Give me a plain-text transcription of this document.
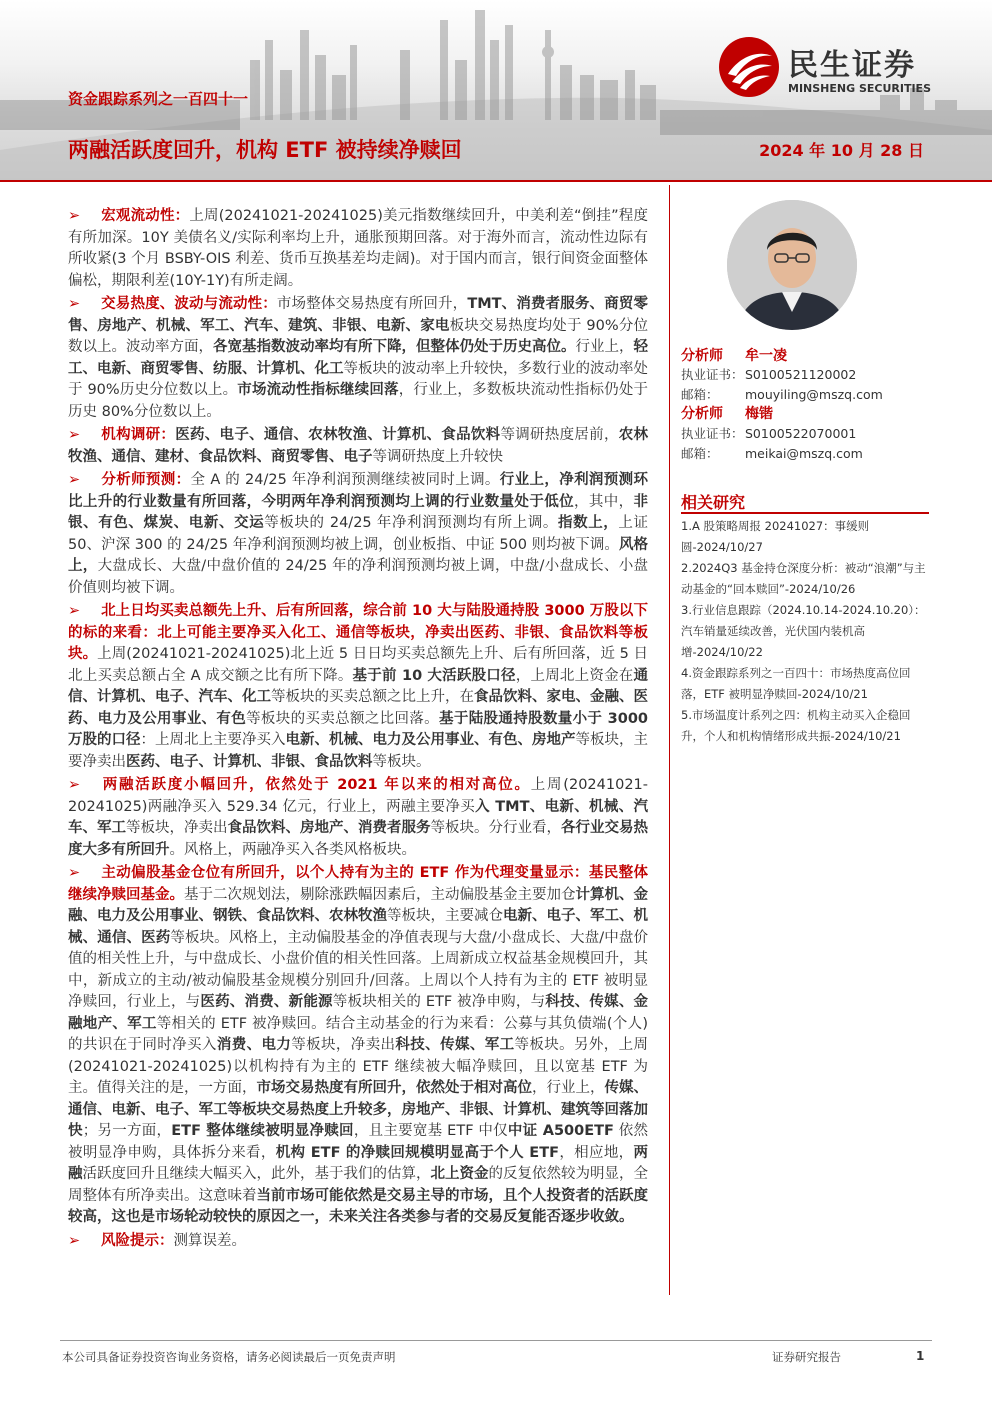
资金跟踪系列之一百四十一
两融活跃度回升，机构 ETF 被持续净赎回	2024 年 10 月 28 日
民生证券
MINSHENG SECURITIES
➢ 宏观流动性：上周(20241021-20241025)美元指数继续回升，中美利差“倒挂”程度有所加深。10Y 美债名义/实际利率均上升，通胀预期回落。对于海外而言，流动性边际有所收紧(3 个月 BSBY-OIS 利差、货币互换基差均走阔)。对于国内而言，银行间资金面整体偏松，期限利差(10Y-1Y)有所走阔。
➢ 交易热度、波动与流动性：市场整体交易热度有所回升，TMT、消费者服务、商贸零售、房地产、机械、军工、汽车、建筑、非银、电新、家电板块交易热度均处于 90%分位数以上。波动率方面，各宽基指数波动率均有所下降，但整体仍处于历史高位。行业上，轻工、电新、商贸零售、纺服、计算机、化工等板块的波动率上升较快，多数行业的波动率处于 90%历史分位数以上。市场流动性指标继续回落，行业上，多数板块流动性指标仍处于历史 80%分位数以上。
➢ 机构调研：医药、电子、通信、农林牧渔、计算机、食品饮料等调研热度居前，农林牧渔、通信、建材、食品饮料、商贸零售、电子等调研热度上升较快
➢ 分析师预测：全 A 的 24/25 年净利润预测继续被同时上调。行业上，净利润预测环比上升的行业数量有所回落，今明两年净利润预测均上调的行业数量处于低位，其中，非银、有色、煤炭、电新、交运等板块的 24/25 年净利润预测均有所上调。指数上，上证 50、沪深 300 的 24/25 年净利润预测均被上调，创业板指、中证 500 则均被下调。风格上，大盘成长、大盘/中盘价值的 24/25 年的净利润预测均被上调，中盘/小盘成长、小盘价值则均被下调。
➢ 北上日均买卖总额先上升、后有所回落，综合前 10 大与陆股通持股 3000 万股以下的标的来看：北上可能主要净买入化工、通信等板块，净卖出医药、非银、食品饮料等板块。上周(20241021-20241025)北上近 5 日日均买卖总额先上升、后有所回落，近 5 日北上买卖总额占全 A 成交额之比有所下降。基于前 10 大活跃股口径，上周北上资金在通信、计算机、电子、汽车、化工等板块的买卖总额之比上升，在食品饮料、家电、金融、医药、电力及公用事业、有色等板块的买卖总额之比回落。基于陆股通持股数量小于 3000 万股的口径：上周北上主要净买入电新、机械、电力及公用事业、有色、房地产等板块，主要净卖出医药、电子、计算机、非银、食品饮料等板块。
➢ 两融活跃度小幅回升，依然处于 2021 年以来的相对高位。上周(20241021-20241025)两融净买入 529.34 亿元，行业上，两融主要净买入 TMT、电新、机械、汽车、军工等板块，净卖出食品饮料、房地产、消费者服务等板块。分行业看，各行业交易热度大多有所回升。风格上，两融净买入各类风格板块。
➢ 主动偏股基金仓位有所回升，以个人持有为主的 ETF 作为代理变量显示：基民整体继续净赎回基金。基于二次规划法，剔除涨跌幅因素后，主动偏股基金主要加仓计算机、金融、电力及公用事业、钢铁、食品饮料、农林牧渔等板块，主要减仓电新、电子、军工、机械、通信、医药等板块。风格上，主动偏股基金的净值表现与大盘/小盘成长、大盘/中盘价值的相关性上升，与中盘成长、小盘价值的相关性回落。上周新成立权益基金规模回升，其中，新成立的主动/被动偏股基金规模分别回升/回落。上周以个人持有为主的 ETF 被明显净赎回，行业上，与医药、消费、新能源等板块相关的 ETF 被净申购，与科技、传媒、金融地产、军工等相关的 ETF 被净赎回。结合主动基金的行为来看：公募与其负债端(个人)的共识在于同时净买入消费、电力等板块，净卖出科技、传媒、军工等板块。另外，上周(20241021-20241025)以机构持有为主的 ETF 继续被大幅净赎回，且以宽基 ETF 为主。值得关注的是，一方面，市场交易热度有所回升，依然处于相对高位，行业上，传媒、通信、电新、电子、军工等板块交易热度上升较多，房地产、非银、计算机、建筑等回落加快；另一方面，ETF 整体继续被明显净赎回，且主要宽基 ETF 中仅中证 A500ETF 依然被明显净申购，具体拆分来看，机构 ETF 的净赎回规模明显高于个人 ETF，相应地，两融活跃度回升且继续大幅买入，此外，基于我们的估算，北上资金的反复依然较为明显，全周整体有所净卖出。这意味着当前市场可能依然是交易主导的市场，且个人投资者的活跃度较高，这也是市场轮动较快的原因之一，未来关注各类参与者的交易反复能否逐步收敛。
➢ 风险提示：测算误差。
分析师 牟一凌
执业证书：S0100521120002
邮箱： mouyiling@mszq.com
分析师 梅锴
执业证书：S0100522070001
邮箱： meikai@mszq.com
相关研究
1.A 股策略周报 20241027：事缓则圆-2024/10/27
2.2024Q3 基金持仓深度分析：被动“浪潮”与主动基金的“回本赎回”-2024/10/26
3.行业信息跟踪（2024.10.14-2024.10.20）：汽车销量延续改善，光伏国内装机高增-2024/10/22
4.资金跟踪系列之一百四十：市场热度高位回落，ETF 被明显净赎回-2024/10/21
5.市场温度计系列之四：机构主动买入企稳回升，个人和机构情绪形成共振-2024/10/21
本公司具备证券投资咨询业务资格，请务必阅读最后一页免责声明	证券研究报告	1
